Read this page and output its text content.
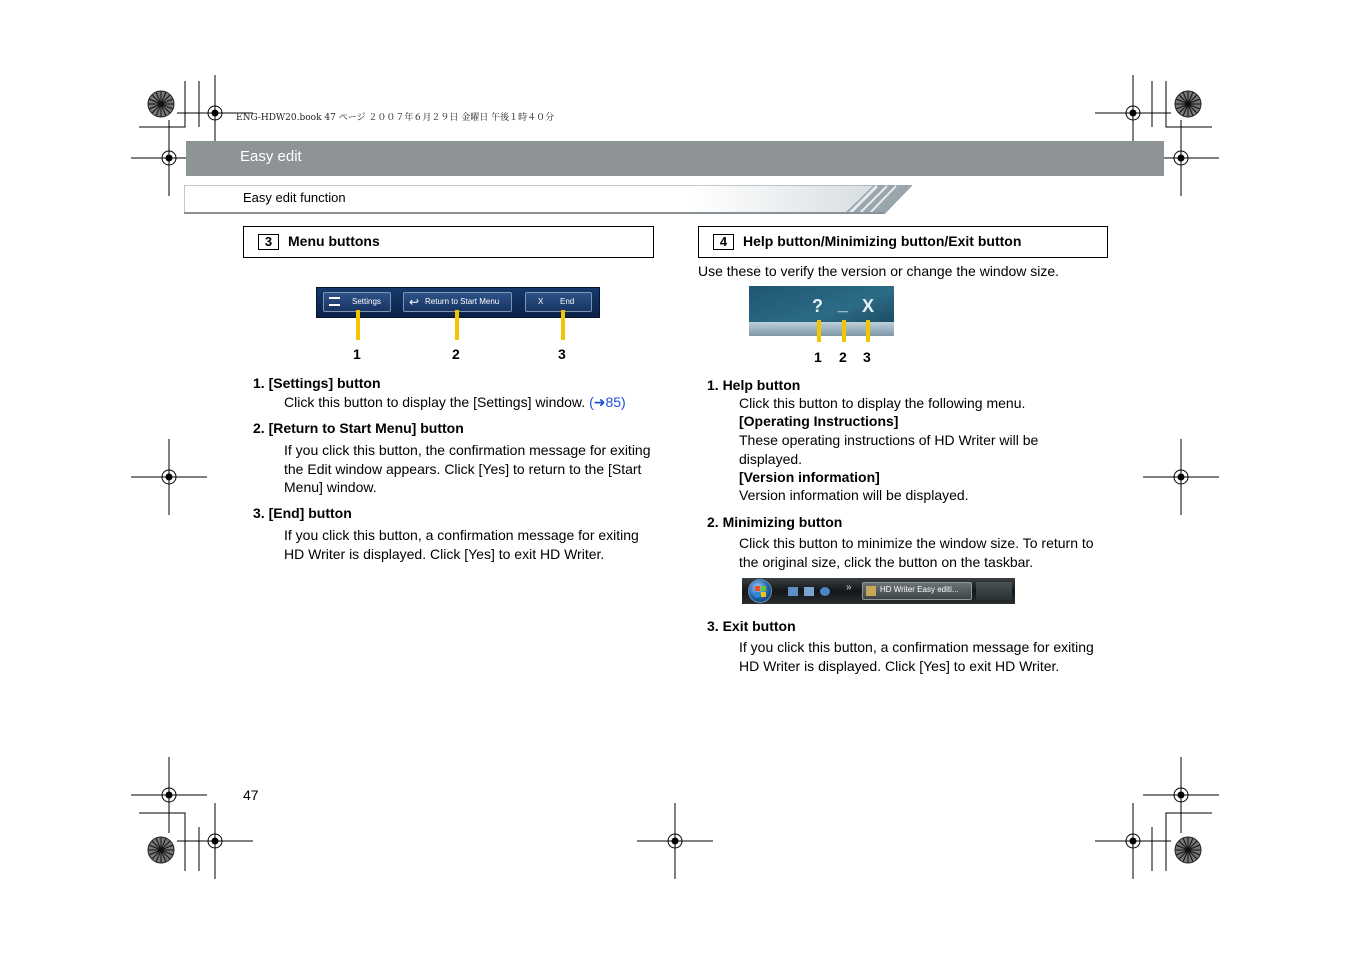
ENG-HDW20.book 47 ページ ２００７年６月２９日 金曜日 午後１時４０分
Easy edit
Easy edit function
3	Menu buttons
Settings ↩ Return to Start Menu	X End
1	2	3
1. [Settings] button
Click this button to display the [Settings] window. (➜85)
2. [Return to Start Menu] button
If you click this button, the confirmation message for exiting the Edit window appears. Click [Yes] to return to the [Start Menu] window.
3. [End] button
If you click this button, a confirmation message for exiting HD Writer is displayed. Click [Yes] to exit HD Writer.
4	Help button/Minimizing button/Exit button
Use these to verify the version or change the window size.
? _ X
1 2 3
1. Help button
Click this button to display the following menu.
[Operating Instructions]
These operating instructions of HD Writer will be displayed.
[Version information]
Version information will be displayed.
2. Minimizing button
Click this button to minimize the window size. To return to the original size, click the button on the taskbar.
»	HD Writer Easy editi...
3. Exit button
If you click this button, a confirmation message for exiting HD Writer is displayed. Click [Yes] to exit HD Writer.
47
